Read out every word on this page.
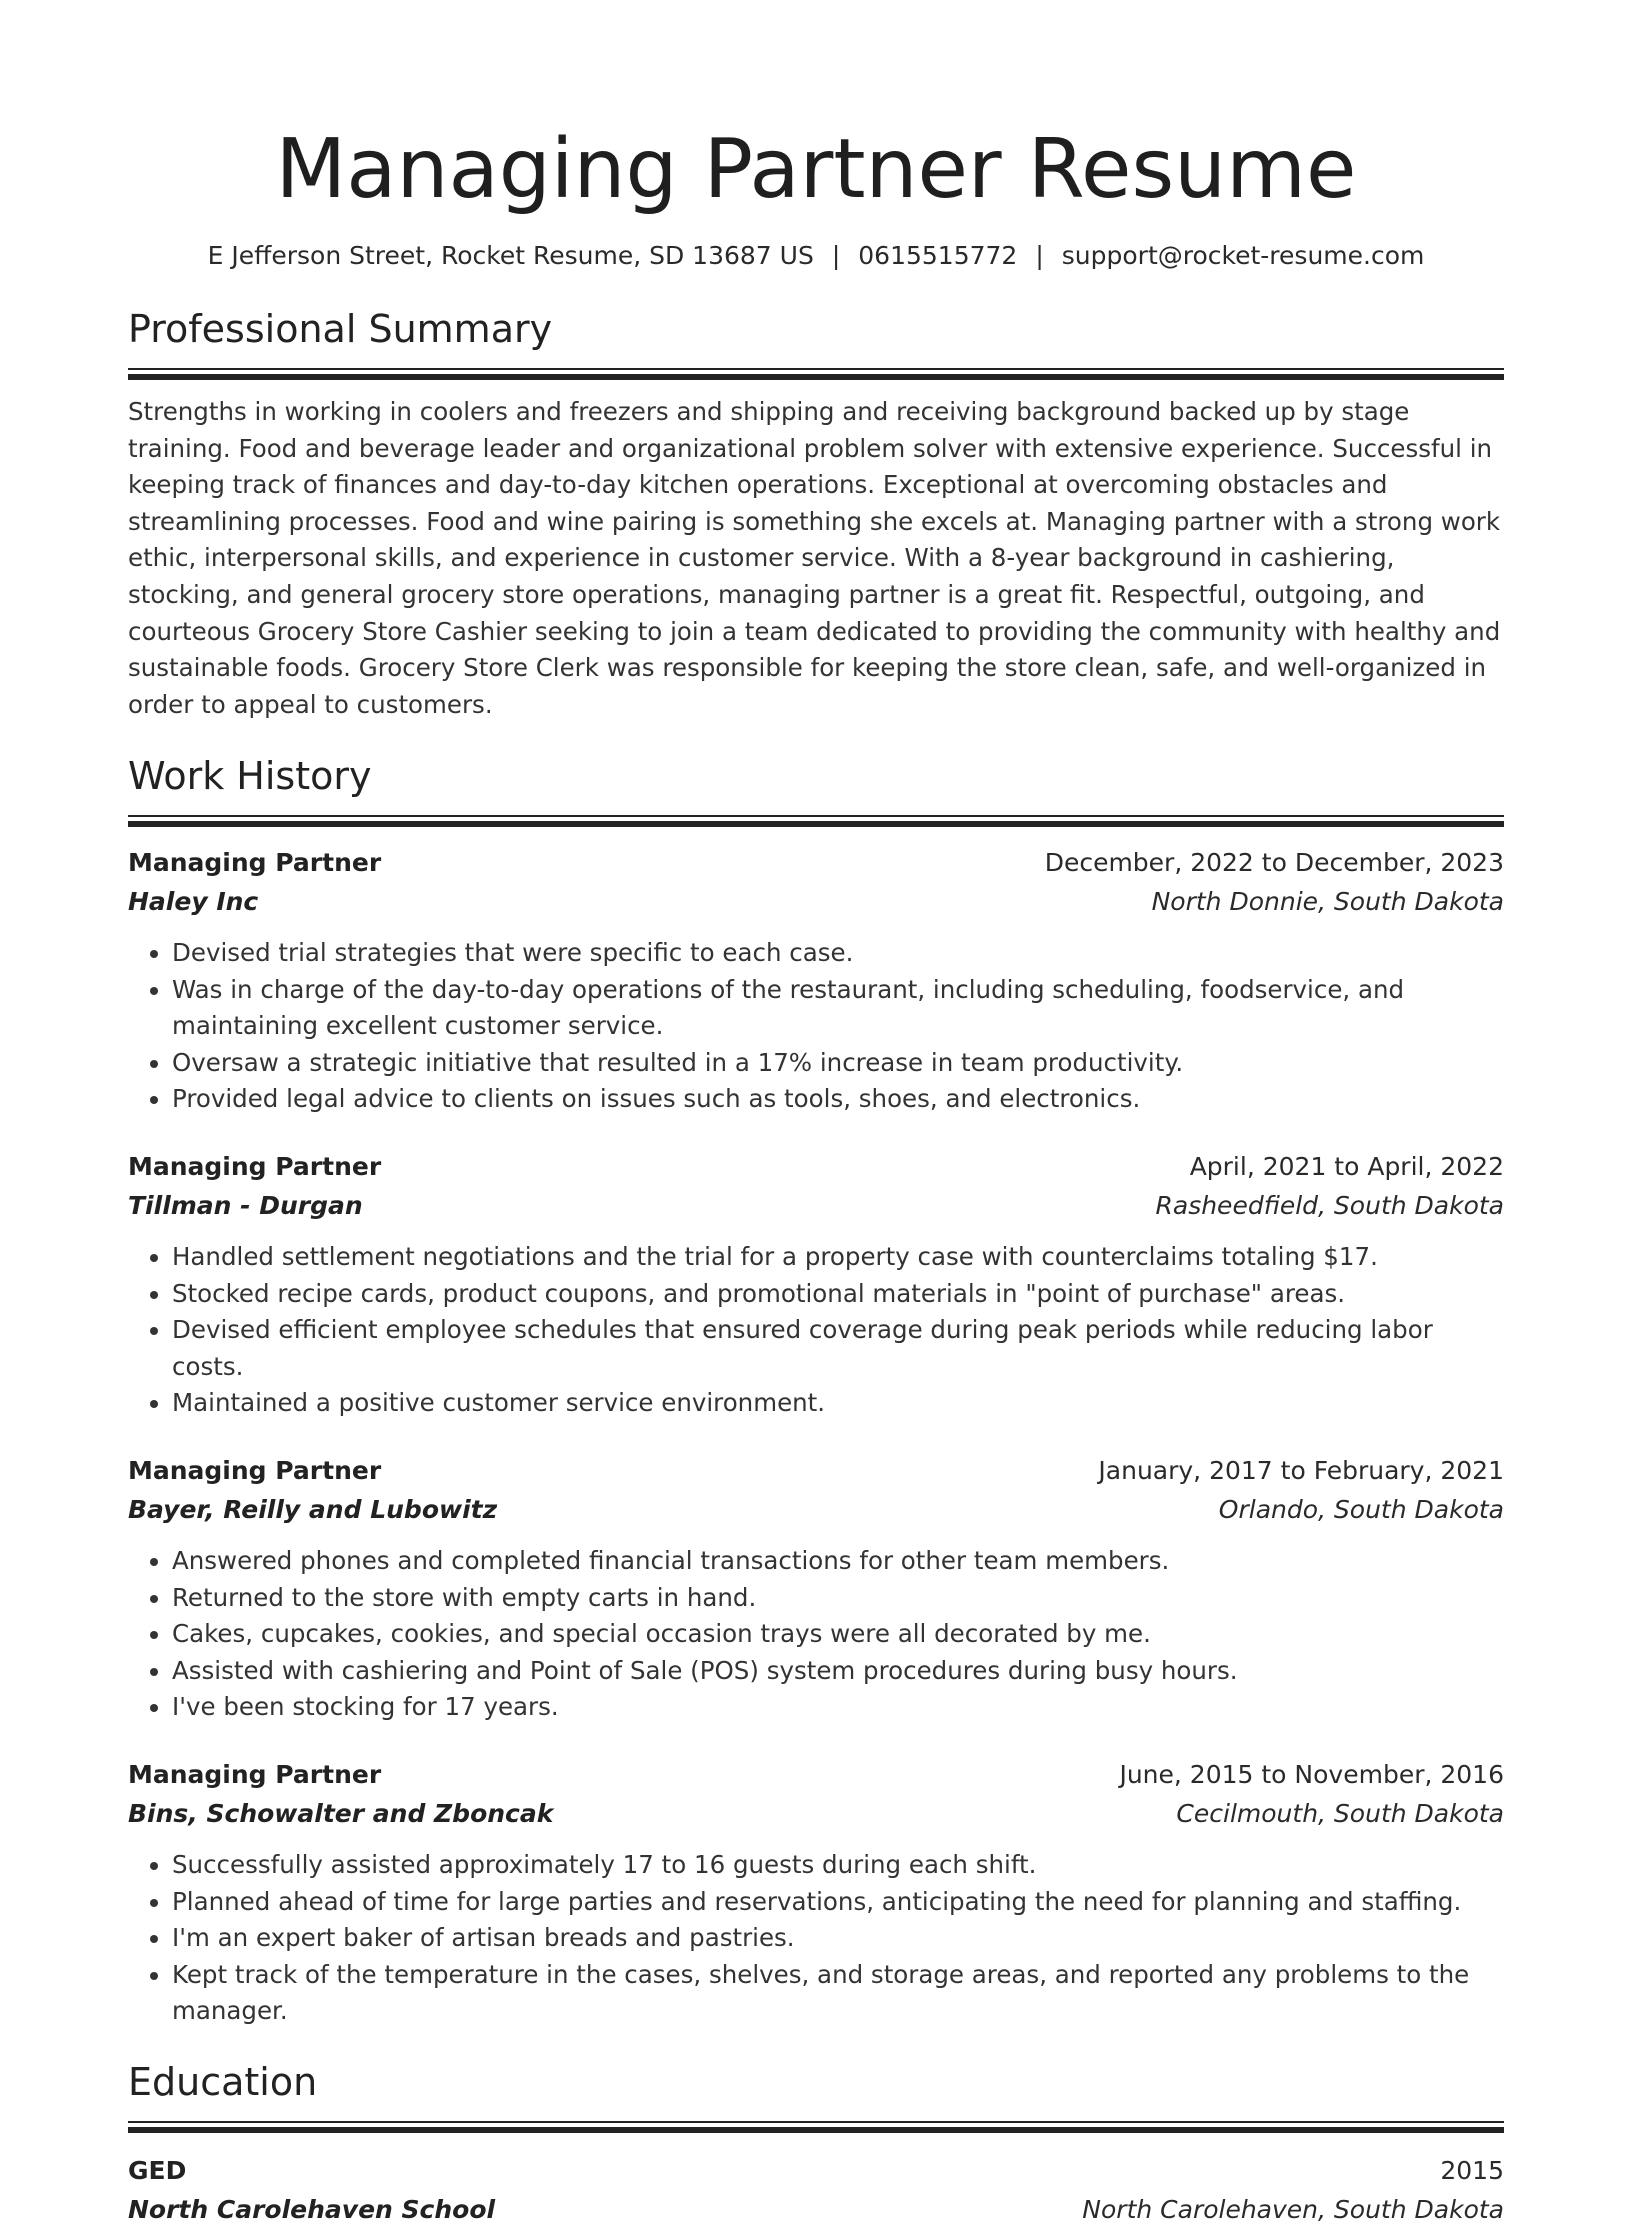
Managing Partner Resume
E Jefferson Street, Rocket Resume, SD 13687 US | 0615515772 | support@rocket-resume.com
Professional Summary
Strengths in working in coolers and freezers and shipping and receiving background backed up by stage training. Food and beverage leader and organizational problem solver with extensive experience. Successful in keeping track of finances and day-to-day kitchen operations. Exceptional at overcoming obstacles and streamlining processes. Food and wine pairing is something she excels at. Managing partner with a strong work ethic, interpersonal skills, and experience in customer service. With a 8-year background in cashiering, stocking, and general grocery store operations, managing partner is a great fit. Respectful, outgoing, and courteous Grocery Store Cashier seeking to join a team dedicated to providing the community with healthy and sustainable foods. Grocery Store Clerk was responsible for keeping the store clean, safe, and well-organized in order to appeal to customers.
Work History
Managing Partner	December, 2022 to December, 2023
Haley Inc	North Donnie, South Dakota
• Devised trial strategies that were specific to each case.
• Was in charge of the day-to-day operations of the restaurant, including scheduling, foodservice, and maintaining excellent customer service.
• Oversaw a strategic initiative that resulted in a 17% increase in team productivity.
• Provided legal advice to clients on issues such as tools, shoes, and electronics.
Managing Partner	April, 2021 to April, 2022
Tillman - Durgan	Rasheedfield, South Dakota
• Handled settlement negotiations and the trial for a property case with counterclaims totaling $17.
• Stocked recipe cards, product coupons, and promotional materials in "point of purchase" areas.
• Devised efficient employee schedules that ensured coverage during peak periods while reducing labor costs.
• Maintained a positive customer service environment.
Managing Partner	January, 2017 to February, 2021
Bayer, Reilly and Lubowitz	Orlando, South Dakota
• Answered phones and completed financial transactions for other team members.
• Returned to the store with empty carts in hand.
• Cakes, cupcakes, cookies, and special occasion trays were all decorated by me.
• Assisted with cashiering and Point of Sale (POS) system procedures during busy hours.
• I've been stocking for 17 years.
Managing Partner	June, 2015 to November, 2016
Bins, Schowalter and Zboncak	Cecilmouth, South Dakota
• Successfully assisted approximately 17 to 16 guests during each shift.
• Planned ahead of time for large parties and reservations, anticipating the need for planning and staffing.
• I'm an expert baker of artisan breads and pastries.
• Kept track of the temperature in the cases, shelves, and storage areas, and reported any problems to the manager.
Education
GED	2015
North Carolehaven School	North Carolehaven, South Dakota
